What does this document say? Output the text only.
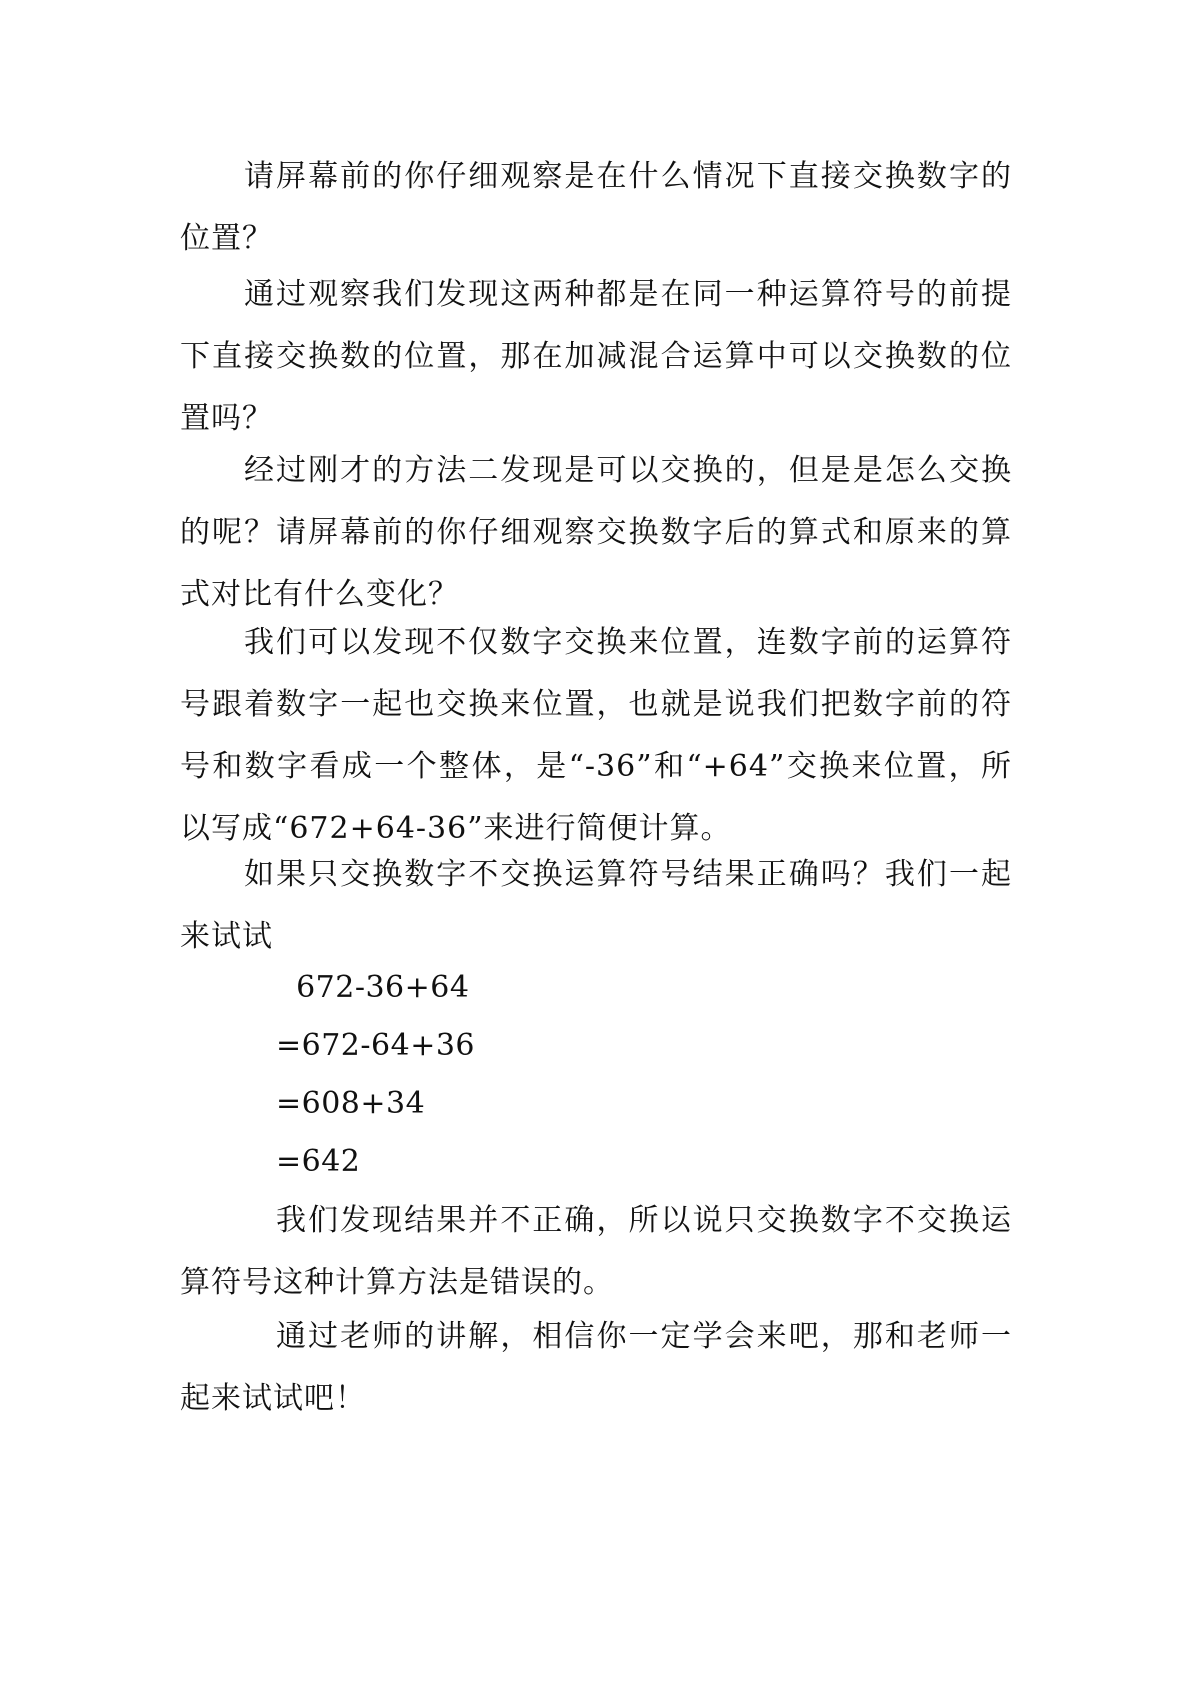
请屏幕前的你仔细观察是在什么情况下直接交换数字的位置？

通过观察我们发现这两种都是在同一种运算符号的前提下直接交换数的位置，那在加减混合运算中可以交换数的位置吗？

经过刚才的方法二发现是可以交换的，但是是怎么交换的呢？请屏幕前的你仔细观察交换数字后的算式和原来的算式对比有什么变化？

我们可以发现不仅数字交换来位置，连数字前的运算符号跟着数字一起也交换来位置，也就是说我们把数字前的符号和数字看成一个整体，是“-36”和“+64”交换来位置，所以写成“672+64-36”来进行简便计算。

如果只交换数字不交换运算符号结果正确吗？我们一起来试试

672-36+64

=672-64+36

=608+34

=642

我们发现结果并不正确，所以说只交换数字不交换运算符号这种计算方法是错误的。

通过老师的讲解，相信你一定学会来吧，那和老师一起来试试吧！
